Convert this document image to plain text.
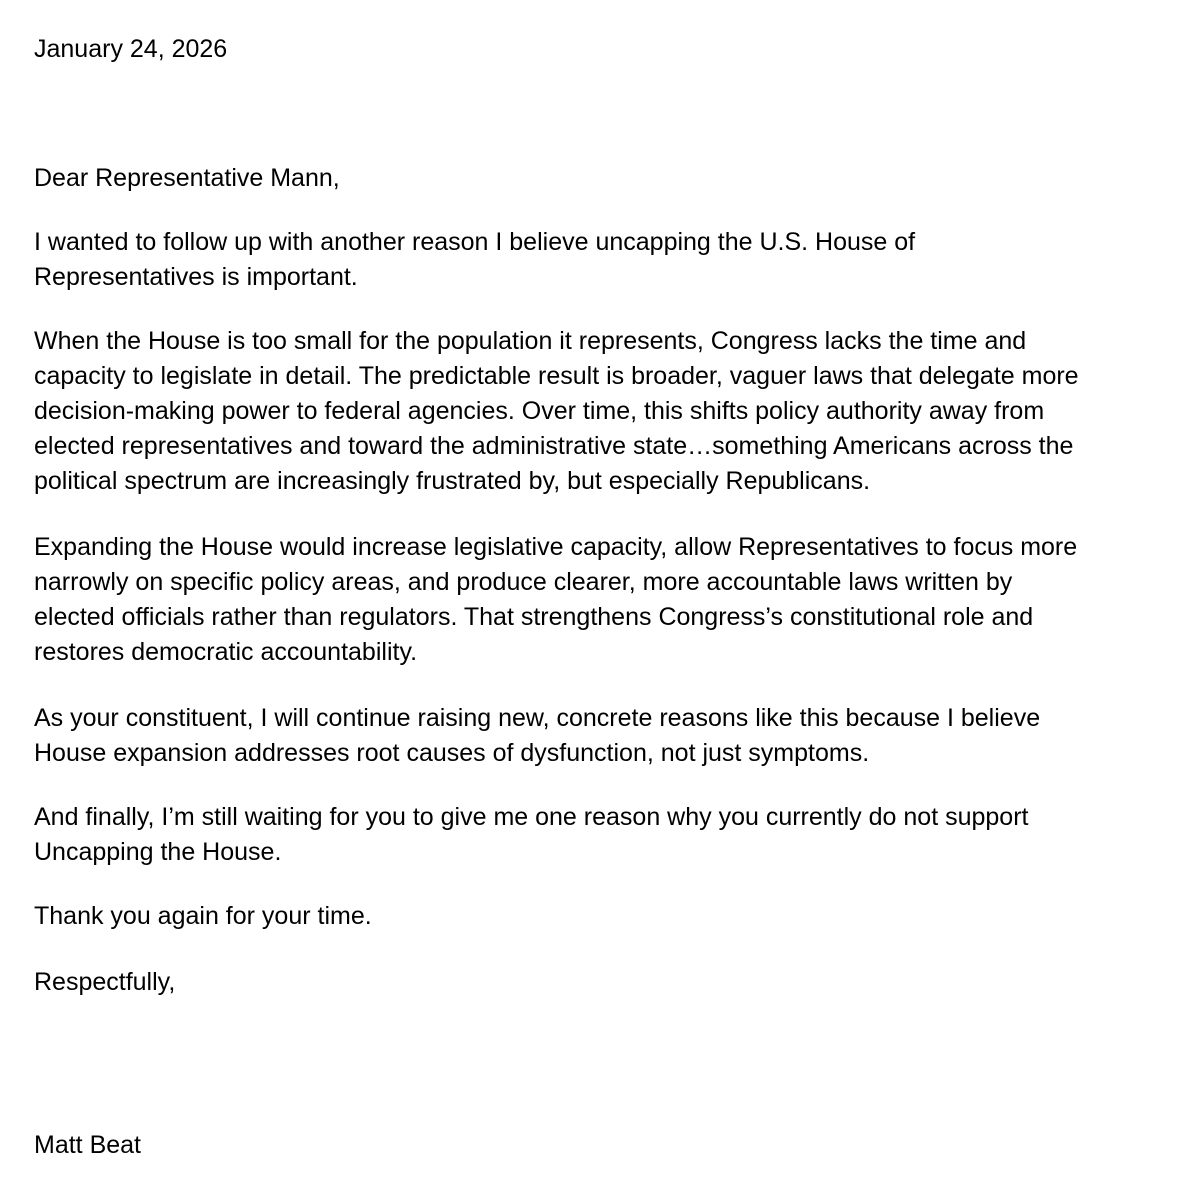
January 24, 2026
Dear Representative Mann,
I wanted to follow up with another reason I believe uncapping the U.S. House of
Representatives is important.
When the House is too small for the population it represents, Congress lacks the time and
capacity to legislate in detail. The predictable result is broader, vaguer laws that delegate more
decision-making power to federal agencies. Over time, this shifts policy authority away from
elected representatives and toward the administrative state…something Americans across the
political spectrum are increasingly frustrated by, but especially Republicans.
Expanding the House would increase legislative capacity, allow Representatives to focus more
narrowly on specific policy areas, and produce clearer, more accountable laws written by
elected officials rather than regulators. That strengthens Congress’s constitutional role and
restores democratic accountability.
As your constituent, I will continue raising new, concrete reasons like this because I believe
House expansion addresses root causes of dysfunction, not just symptoms.
And finally, I’m still waiting for you to give me one reason why you currently do not support
Uncapping the House.
Thank you again for your time.
Respectfully,
Matt Beat
